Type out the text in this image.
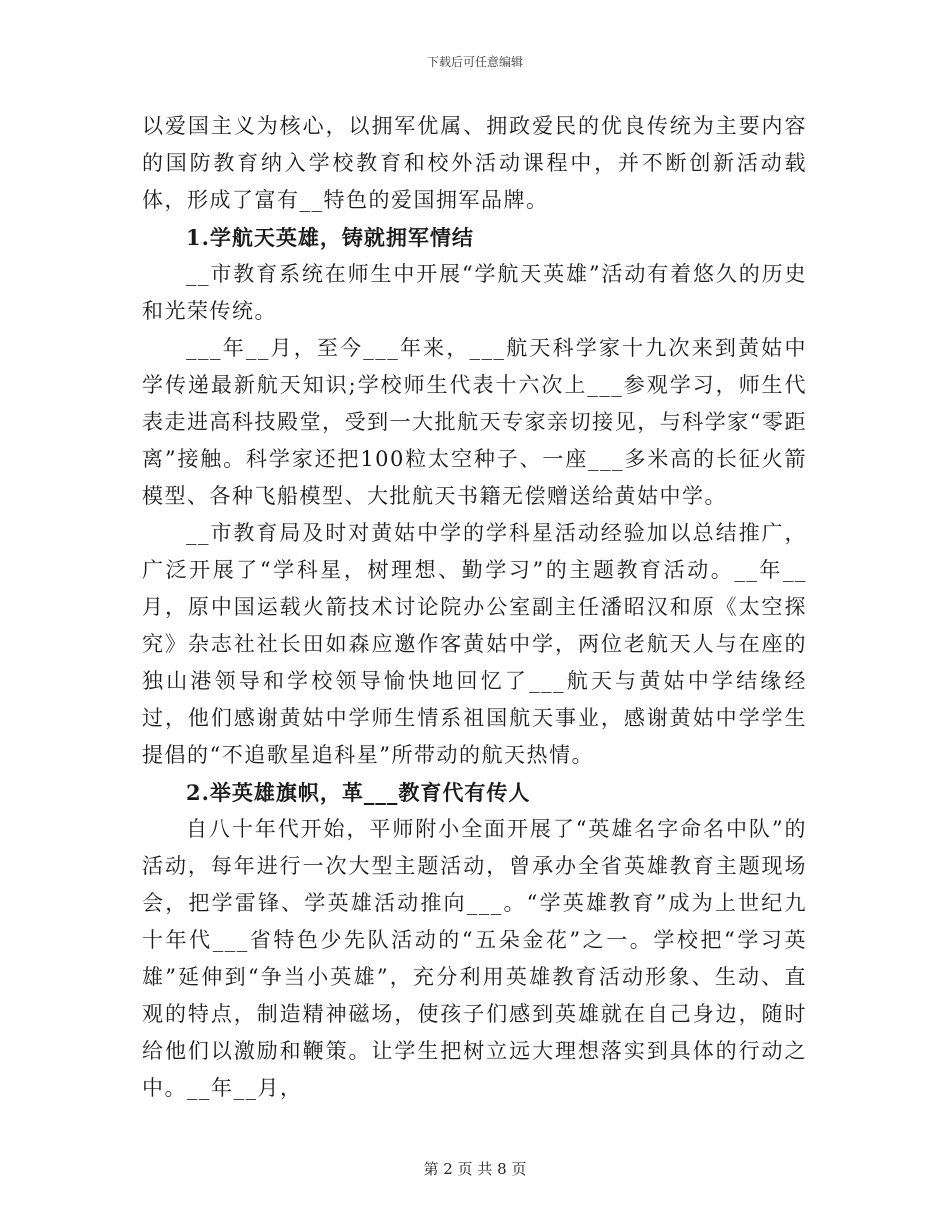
下载后可任意编辑

以爱国主义为核心，以拥军优属、拥政爱民的优良传统为主要内容的国防教育纳入学校教育和校外活动课程中，并不断创新活动载体，形成了富有__特色的爱国拥军品牌。

1.学航天英雄，铸就拥军情结

__市教育系统在师生中开展“学航天英雄”活动有着悠久的历史和光荣传统。

___年__月，至今___年来，___航天科学家十九次来到黄姑中学传递最新航天知识;学校师生代表十六次上___参观学习，师生代表走进高科技殿堂，受到一大批航天专家亲切接见，与科学家“零距离”接触。科学家还把100粒太空种子、一座___多米高的长征火箭模型、各种飞船模型、大批航天书籍无偿赠送给黄姑中学。

__市教育局及时对黄姑中学的学科星活动经验加以总结推广，广泛开展了“学科星，树理想、勤学习”的主题教育活动。__年__月，原中国运载火箭技术讨论院办公室副主任潘昭汉和原《太空探究》杂志社社长田如森应邀作客黄姑中学，两位老航天人与在座的独山港领导和学校领导愉快地回忆了___航天与黄姑中学结缘经过，他们感谢黄姑中学师生情系祖国航天事业，感谢黄姑中学学生提倡的“不追歌星追科星”所带动的航天热情。

2.举英雄旗帜，革___教育代有传人

自八十年代开始，平师附小全面开展了“英雄名字命名中队”的活动，每年进行一次大型主题活动，曾承办全省英雄教育主题现场会，把学雷锋、学英雄活动推向___。“学英雄教育”成为上世纪九十年代___省特色少先队活动的“五朵金花”之一。学校把“学习英雄”延伸到“争当小英雄”，充分利用英雄教育活动形象、生动、直观的特点，制造精神磁场，使孩子们感到英雄就在自己身边，随时给他们以激励和鞭策。让学生把树立远大理想落实到具体的行动之中。__年__月，

第 2 页 共 8 页
